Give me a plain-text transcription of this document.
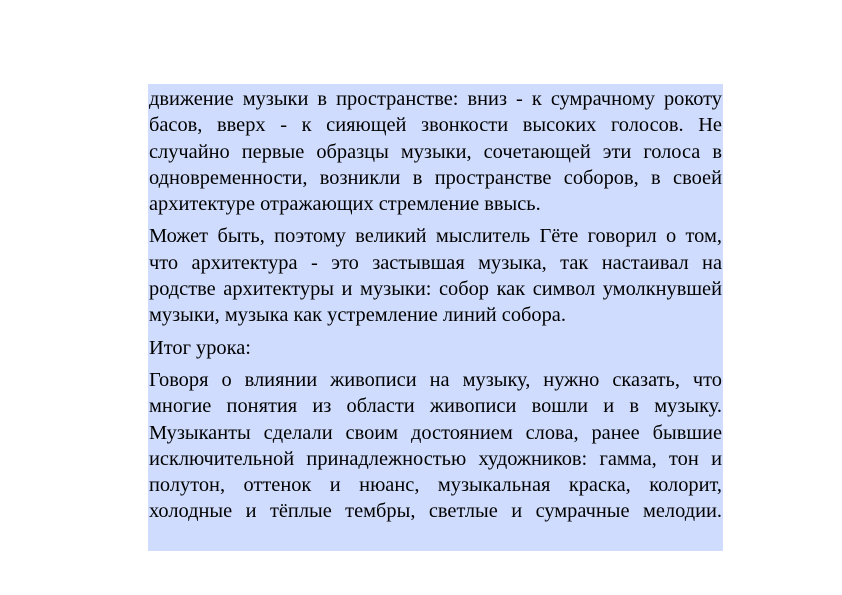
движение музыки в пространстве: вниз - к сумрачному рокоту басов, вверх - к сияющей звонкости высоких голосов. Не случайно первые образцы музыки, сочетающей эти голоса в одновременности, возникли в пространстве соборов, в своей архитектуре отражающих стремление ввысь.

Может быть, поэтому великий мыслитель Гёте говорил о том, что архитектура - это застывшая музыка, так настаивал на родстве архитектуры и музыки: собор как символ умолкнувшей музыки, музыка как устремление линий собора.

Итог урока:

Говоря о влиянии живописи на музыку, нужно сказать, что многие понятия из области живописи вошли и в музыку. Музыканты сделали своим достоянием слова, ранее бывшие исключительной принадлежностью художников: гамма, тон и полутон, оттенок и нюанс, музыкальная краска, колорит, холодные и тёплые тембры, светлые и сумрачные мелодии.
